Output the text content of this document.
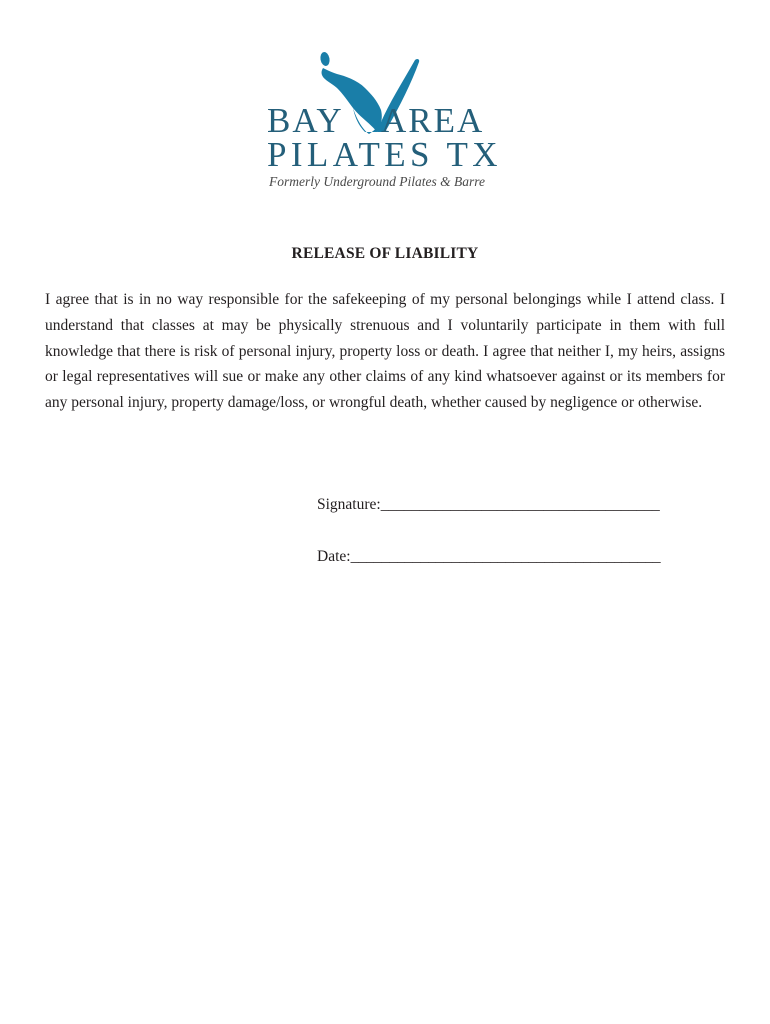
BAY AREA
PILATES TX
Formerly Underground Pilates & Barre
RELEASE OF LIABILITY
I agree that is in no way responsible for the safekeeping of my personal belongings while I attend class. I understand that classes at may be physically strenuous and I voluntarily participate in them with full knowledge that there is risk of personal injury, property loss or death. I agree that neither I, my heirs, assigns or legal representatives will sue or make any other claims of any kind whatsoever against or its members for any personal injury, property damage/loss, or wrongful death, whether caused by negligence or otherwise.
Signature:____________________________________
Date:________________________________________
